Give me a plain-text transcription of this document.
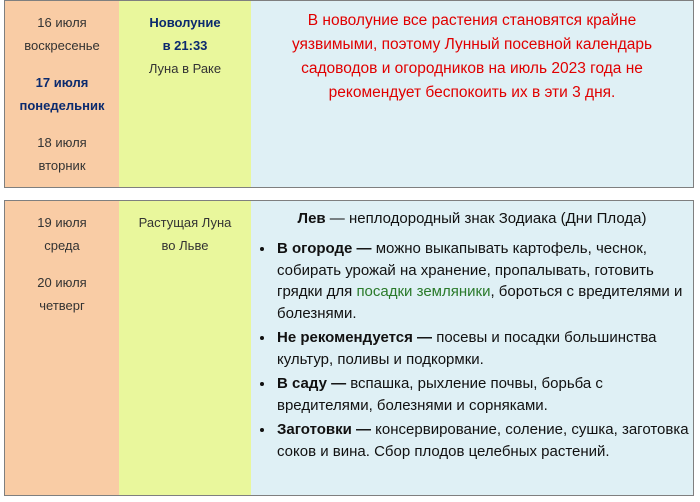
16 июля
воскресенье
17 июля
понедельник
18 июля
вторник
Новолуние
в 21:33
Луна в Раке
В новолуние все растения становятся крайне уязвимыми, поэтому Лунный посевной календарь садоводов и огородников на июль 2023 года не рекомендует беспокоить их в эти 3 дня.
19 июля
среда
20 июля
четверг
Растущая Луна
во Льве
Лев — неплодородный знак Зодиака (Дни Плода)
• В огороде — можно выкапывать картофель, чеснок, собирать урожай на хранение, пропалывать, готовить грядки для посадки земляники, бороться с вредителями и болезнями.
• Не рекомендуется — посевы и посадки большинства культур, поливы и подкормки.
• В саду — вспашка, рыхление почвы, борьба с вредителями, болезнями и сорняками.
• Заготовки — консервирование, соление, сушка, заготовка соков и вина. Сбор плодов целебных растений.
